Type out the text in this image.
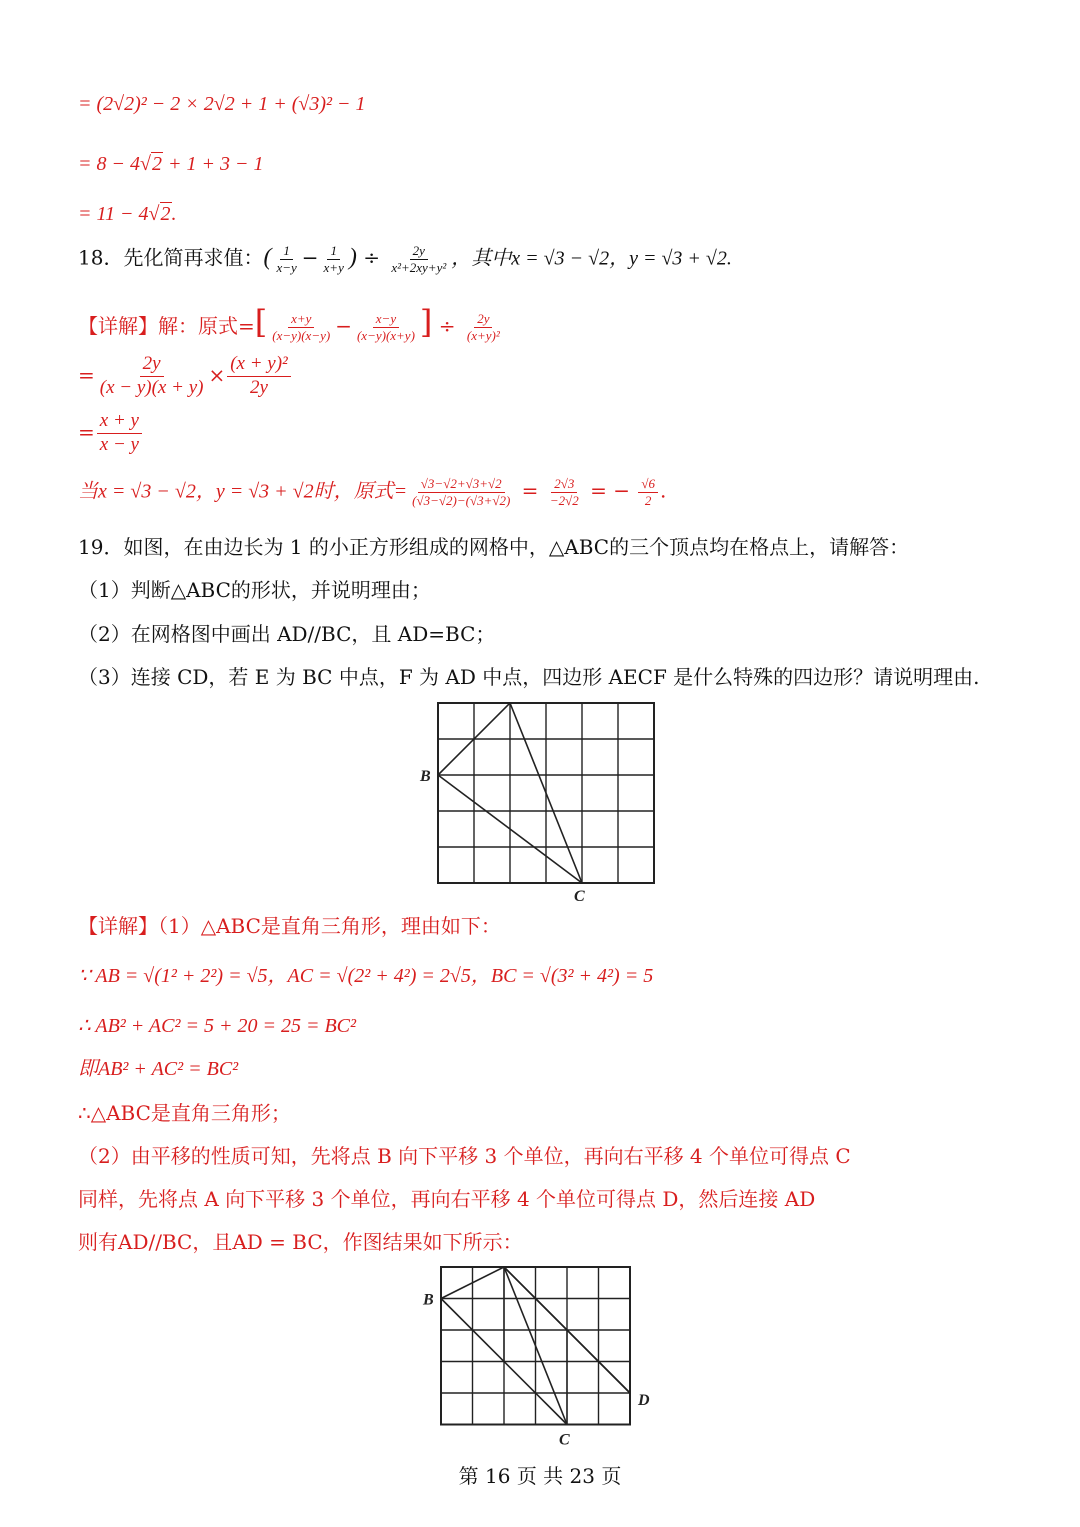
= (2√2)² − 2 × 2√2 + 1 + (√3)² − 1
= 8 − 4√2 + 1 + 3 − 1
= 11 − 4√2.
18．先化简再求值：( $\frac{1}{x-y} - \frac{1}{x+y}$ ) ÷ $\frac{2y}{\text{x²+2xy+y²}}$ ，其中x = √3 − √2，y = √3 + √2.
【详解】解：原式=[ $\frac{x+y}{(x-y)(x-y)} - \frac{x-y}{(x-y)(x+y)}$ ] ÷ $\frac{2y}{\text{(x+y)²}}$
= $\frac{2y}{(x - y)(x + y)} \times \frac{\text{(x + y)²}}{2y}$
= $\frac{x + y}{x - y}$
当x = √3 − √2，y = √3 + √2时，原式= $\frac{√3-√2+√3+√2}{(√3-√2)-(√3+√2)} = \frac{2√3}{-2√2}$ = − $\frac{√6}{2}$ .
19．如图，在由边长为 1 的小正方形组成的网格中，△ABC的三个顶点均在格点上，请解答：
（1）判断△ABC的形状，并说明理由；
（2）在网格图中画出 AD//BC，且 AD=BC；
（3）连接 CD，若 E 为 BC 中点，F 为 AD 中点，四边形 AECF 是什么特殊的四边形？请说明理由.
B
C
【详解】（1）△ABC是直角三角形，理由如下：
∵ AB = √(1² + 2²) = √5，AC = √(2² + 4²) = 2√5，BC = √(3² + 4²) = 5
∴ AB² + AC² = 5 + 20 = 25 = BC²
即AB² + AC² = BC²
∴△ABC是直角三角形；
（2）由平移的性质可知，先将点 B 向下平移 3 个单位，再向右平移 4 个单位可得点 C
同样，先将点 A 向下平移 3 个单位，再向右平移 4 个单位可得点 D，然后连接 AD
则有AD//BC，且AD = BC，作图结果如下所示：
B
C
D
第 16 页 共 23 页
